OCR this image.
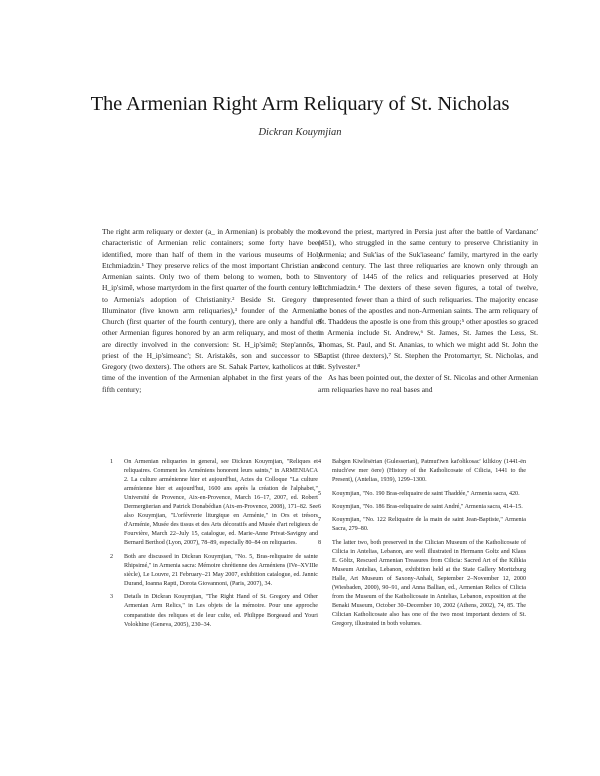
The Armenian Right Arm Reliquary of St. Nicholas
Dickran Kouymjian

The right arm reliquary or dexter (a_ in Armenian) is probably the most characteristic of Armenian relic containers; some forty have been identified, more than half of them in the various museums of Holy Etchmiadzin.¹ They preserve relics of the most important Christian and Armenian saints. Only two of them belong to women, both to St. H_ip'simē, whose martyrdom in the first quarter of the fourth century led to Armenia's adoption of Christianity.² Beside St. Gregory the Illuminator (five known arm reliquaries),³ founder of the Armenian Church (first quarter of the fourth century), there are only a handful of other Armenian figures honored by an arm reliquary, and most of them are directly involved in the conversion: St. H_ip'simē; Step'annōs, a priest of the H_ip'simeanc'; St. Aristakēs, son and successor to St. Gregory (two dexters). The others are St. Sahak Partev, katholicos at the time of the invention of the Armenian alphabet in the first years of the fifth century;

Levond the priest, martyred in Persia just after the battle of Vardananc' (451), who struggled in the same century to preserve Christianity in Armenia; and Suk'ias of the Suk'iaseanc' family, martyred in the early second century. The last three reliquaries are known only through an inventory of 1445 of the relics and reliquaries preserved at Holy Etchmiadzin.⁴ The dexters of these seven figures, a total of twelve, represented fewer than a third of such reliquaries. The majority encase the bones of the apostles and non-Armenian saints. The arm reliquary of St. Thaddeus the apostle is one from this group;⁵ other apostles so graced in Armenia include St. Andrew,⁶ St. James, St. James the Less, St. Thomas, St. Paul, and St. Ananias, to which we might add St. John the Baptist (three dexters),⁷ St. Stephen the Protomartyr, St. Nicholas, and St. Sylvester.⁸

As has been pointed out, the dexter of St. Nicolas and other Armenian arm reliquaries have no real bases and

1 On Armenian reliquaries in general, see Dickran Kouymjian, "Reliques et reliquaires. Comment les Arméniens honorent leurs saints," in ARMENIACA 2. La culture arménienne hier et aujourd'hui, Actes du Colloque "La culture arménienne hier et aujourd'hui, 1600 ans après la création de l'alphabet," Université de Provence, Aix-en-Provence, March 16–17, 2007, ed. Robert Dermergüerian and Patrick Donabédian (Aix-en-Provence, 2008), 171–82. See also Kouymjian, "L'orfèvrerie liturgique en Arménie," in Ors et trésors d'Arménie, Musée des tissus et des Arts décoratifs and Musée d'art religieux de Fourvière, March 22–July 15, catalogue, ed. Marie-Anne Privat-Savigny and Bernard Berthod (Lyon, 2007), 78–89, especially 80–84 on reliquaries.
2 Both are discussed in Dickran Kouymjian, "No. 5, Bras-reliquaire de sainte Rhipsimé," in Armenia sacra: Mémoire chrétienne des Arméniens (IVe–XVIIIe siècle), Le Louvre, 21 February–21 May 2007, exhibition catalogue, ed. Jannic Durand, Ioanna Rapti, Dorota Giovannoni, (Paris, 2007), 34.
3 Details in Dickran Kouymjian, "The Right Hand of St. Gregory and Other Armenian Arm Relics," in Les objets de la mémoire. Pour une approche comparatiste des reliques et de leur culte, ed. Philippe Borgeaud and Youri Volokhine (Geneva, 2005), 230–34.
4 Babgen Kiwlēsērian (Gulesserian), Patmut'iwn kat'ołikosac' kilikioy (1441-ēn miuch'ew mer ōere) (History of the Katholicosate of Cilicia, 1441 to the Present), (Antelias, 1939), 1299–1300.
5 Kouymjian, "No. 190 Bras-reliquaire de saint Thaddée," Armenia sacra, 420.
6 Kouymjian, "No. 186 Bras-reliquaire de saint André," Armenia sacra, 414–15.
7 Kouymjian, "No. 122 Reliquaire de la main de saint Jean-Baptiste," Armenia Sacra, 279–80.
8 The latter two, both preserved in the Cilician Museum of the Katholicosate of Cilicia in Antelias, Lebanon, are well illustrated in Hermann Goltz and Klaus E. Göltz, Rescued Armenian Treasures from Cilicia: Sacred Art of the Kilikia Museum Antelias, Lebanon, exhibition held at the State Gallery Moritzburg Halle, Art Museum of Saxony-Anhalt, September 2–November 12, 2000 (Wiesbaden, 2000), 90–91, and Anna Ballian, ed., Armenian Relics of Cilicia from the Museum of the Katholicosate in Antelias, Lebanon, exposition at the Benaki Museum, October 30–December 10, 2002 (Athens, 2002), 74, 85. The Cilician Katholicosate also has one of the two most important dexters of St. Gregory, illustrated in both volumes.
